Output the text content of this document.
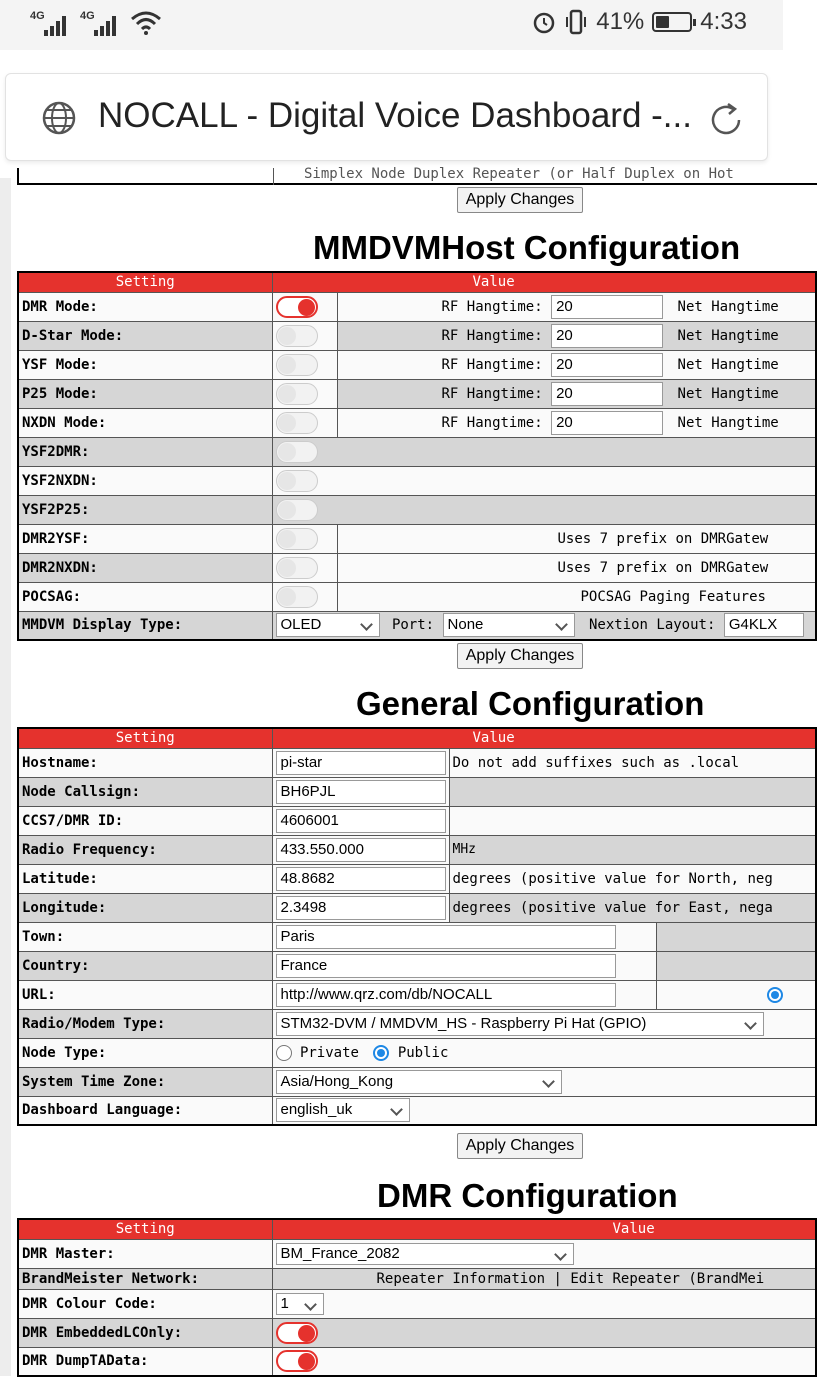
4G	4G	41% 4:33
NOCALL - Digital Voice Dashboard -...
Simplex Node Duplex Repeater (or Half Duplex on Hot
Apply Changes
MMDVMHost Configuration
Setting	Value	
DMR Mode:		RF Hangtime: 20 Net Hangtime
D-Star Mode:		RF Hangtime: 20 Net Hangtime
YSF Mode:		RF Hangtime: 20 Net Hangtime
P25 Mode:		RF Hangtime: 20 Net Hangtime
NXDN Mode:		RF Hangtime: 20 Net Hangtime
YSF2DMR:		

YSF2NXDN:		

YSF2P25:		

DMR2YSF:		Uses 7 prefix on DMRGatew
DMR2NXDN:		Uses 7 prefix on DMRGatew
POCSAG:		POCSAG Paging Features
MMDVM Display Type:	OLED Port: None Nextion Layout: G4KLX	
Apply Changes
General Configuration
Setting	Value		
Hostname:	pi-star	Do not add suffixes such as .local	
Node Callsign:	BH6PJL		
CCS7/DMR ID:	4606001		
Radio Frequency:	433.550.000	MHz	
Latitude:	48.8682	degrees (positive value for North, neg	
Longitude:	2.3498	degrees (positive value for East, nega	
Town:	Paris		
Country:	France		
URL:	http://www.qrz.com/db/NOCALL		
Radio/Modem Type:	STM32-DVM / MMDVM_HS - Raspberry Pi Hat (GPIO)		

Node Type:	Private Public		
System Time Zone:	Asia/Hong_Kong		

Dashboard Language:	english_uk		
Apply Changes
DMR Configuration
Setting	Value
DMR Master:	BM_France_2082

BrandMeister Network:	Repeater Information | Edit Repeater (BrandMei
DMR Colour Code:	1

DMR EmbeddedLCOnly:	

DMR DumpTAData:	
